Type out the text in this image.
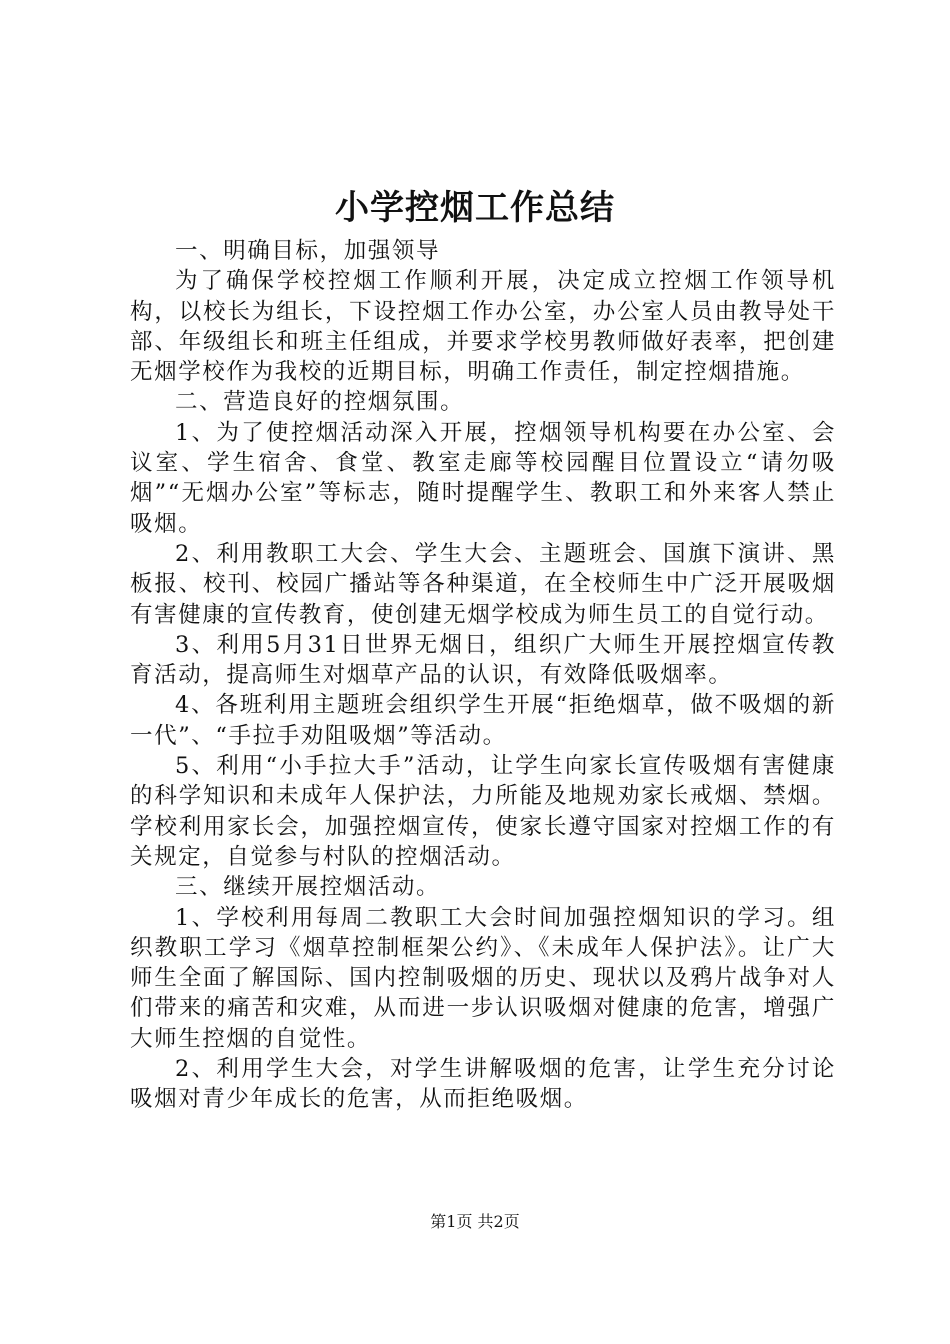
小学控烟工作总结

一、明确目标，加强领导

为了确保学校控烟工作顺利开展，决定成立控烟工作领导机构，以校长为组长，下设控烟工作办公室，办公室人员由教导处干部、年级组长和班主任组成，并要求学校男教师做好表率，把创建无烟学校作为我校的近期目标，明确工作责任，制定控烟措施。

二、营造良好的控烟氛围。

1、为了使控烟活动深入开展，控烟领导机构要在办公室、会议室、学生宿舍、食堂、教室走廊等校园醒目位置设立“请勿吸烟”“无烟办公室”等标志，随时提醒学生、教职工和外来客人禁止吸烟。

2、利用教职工大会、学生大会、主题班会、国旗下演讲、黑板报、校刊、校园广播站等各种渠道，在全校师生中广泛开展吸烟有害健康的宣传教育，使创建无烟学校成为师生员工的自觉行动。

3、利用5月31日世界无烟日，组织广大师生开展控烟宣传教育活动，提高师生对烟草产品的认识，有效降低吸烟率。

4、各班利用主题班会组织学生开展“拒绝烟草，做不吸烟的新一代”、“手拉手劝阻吸烟”等活动。

5、利用“小手拉大手”活动，让学生向家长宣传吸烟有害健康的科学知识和未成年人保护法，力所能及地规劝家长戒烟、禁烟。学校利用家长会，加强控烟宣传，使家长遵守国家对控烟工作的有关规定，自觉参与村队的控烟活动。

三、继续开展控烟活动。

1、学校利用每周二教职工大会时间加强控烟知识的学习。组织教职工学习《烟草控制框架公约》、《未成年人保护法》。让广大师生全面了解国际、国内控制吸烟的历史、现状以及鸦片战争对人们带来的痛苦和灾难，从而进一步认识吸烟对健康的危害，增强广大师生控烟的自觉性。

2、利用学生大会，对学生讲解吸烟的危害，让学生充分讨论吸烟对青少年成长的危害，从而拒绝吸烟。

第1页 共2页
